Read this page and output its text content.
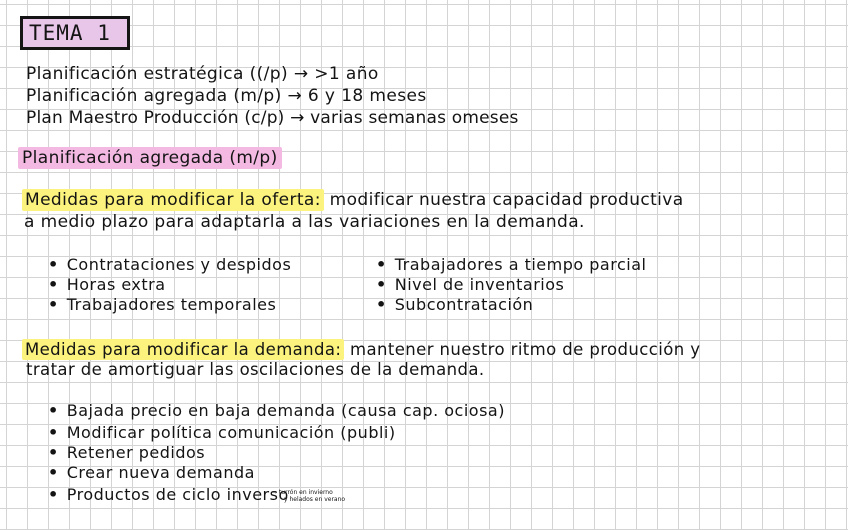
TEMA 1
Planificación estratégica ((/p) → >1 año
Planificación agregada (m/p) → 6 y 18 meses
Plan Maestro Producción (c/p) → varias semanas omeses
Planificación agregada (m/p)
Medidas para modificar la oferta: modificar nuestra capacidad productiva
a medio plazo para adaptarla a las variaciones en la demanda.
• Contrataciones y despidos
• Horas extra
• Trabajadores temporales
• Trabajadores a tiempo parcial
• Nivel de inventarios
• Subcontratación
Medidas para modificar la demanda: mantener nuestro ritmo de producción y
tratar de amortiguar las oscilaciones de la demanda.
• Bajada precio en baja demanda (causa cap. ociosa)
• Modificar política comunicación (publi)
• Retener pedidos
• Crear nueva demanda
• Productos de ciclo inverso
→ turrón en invierno
y helados en verano
